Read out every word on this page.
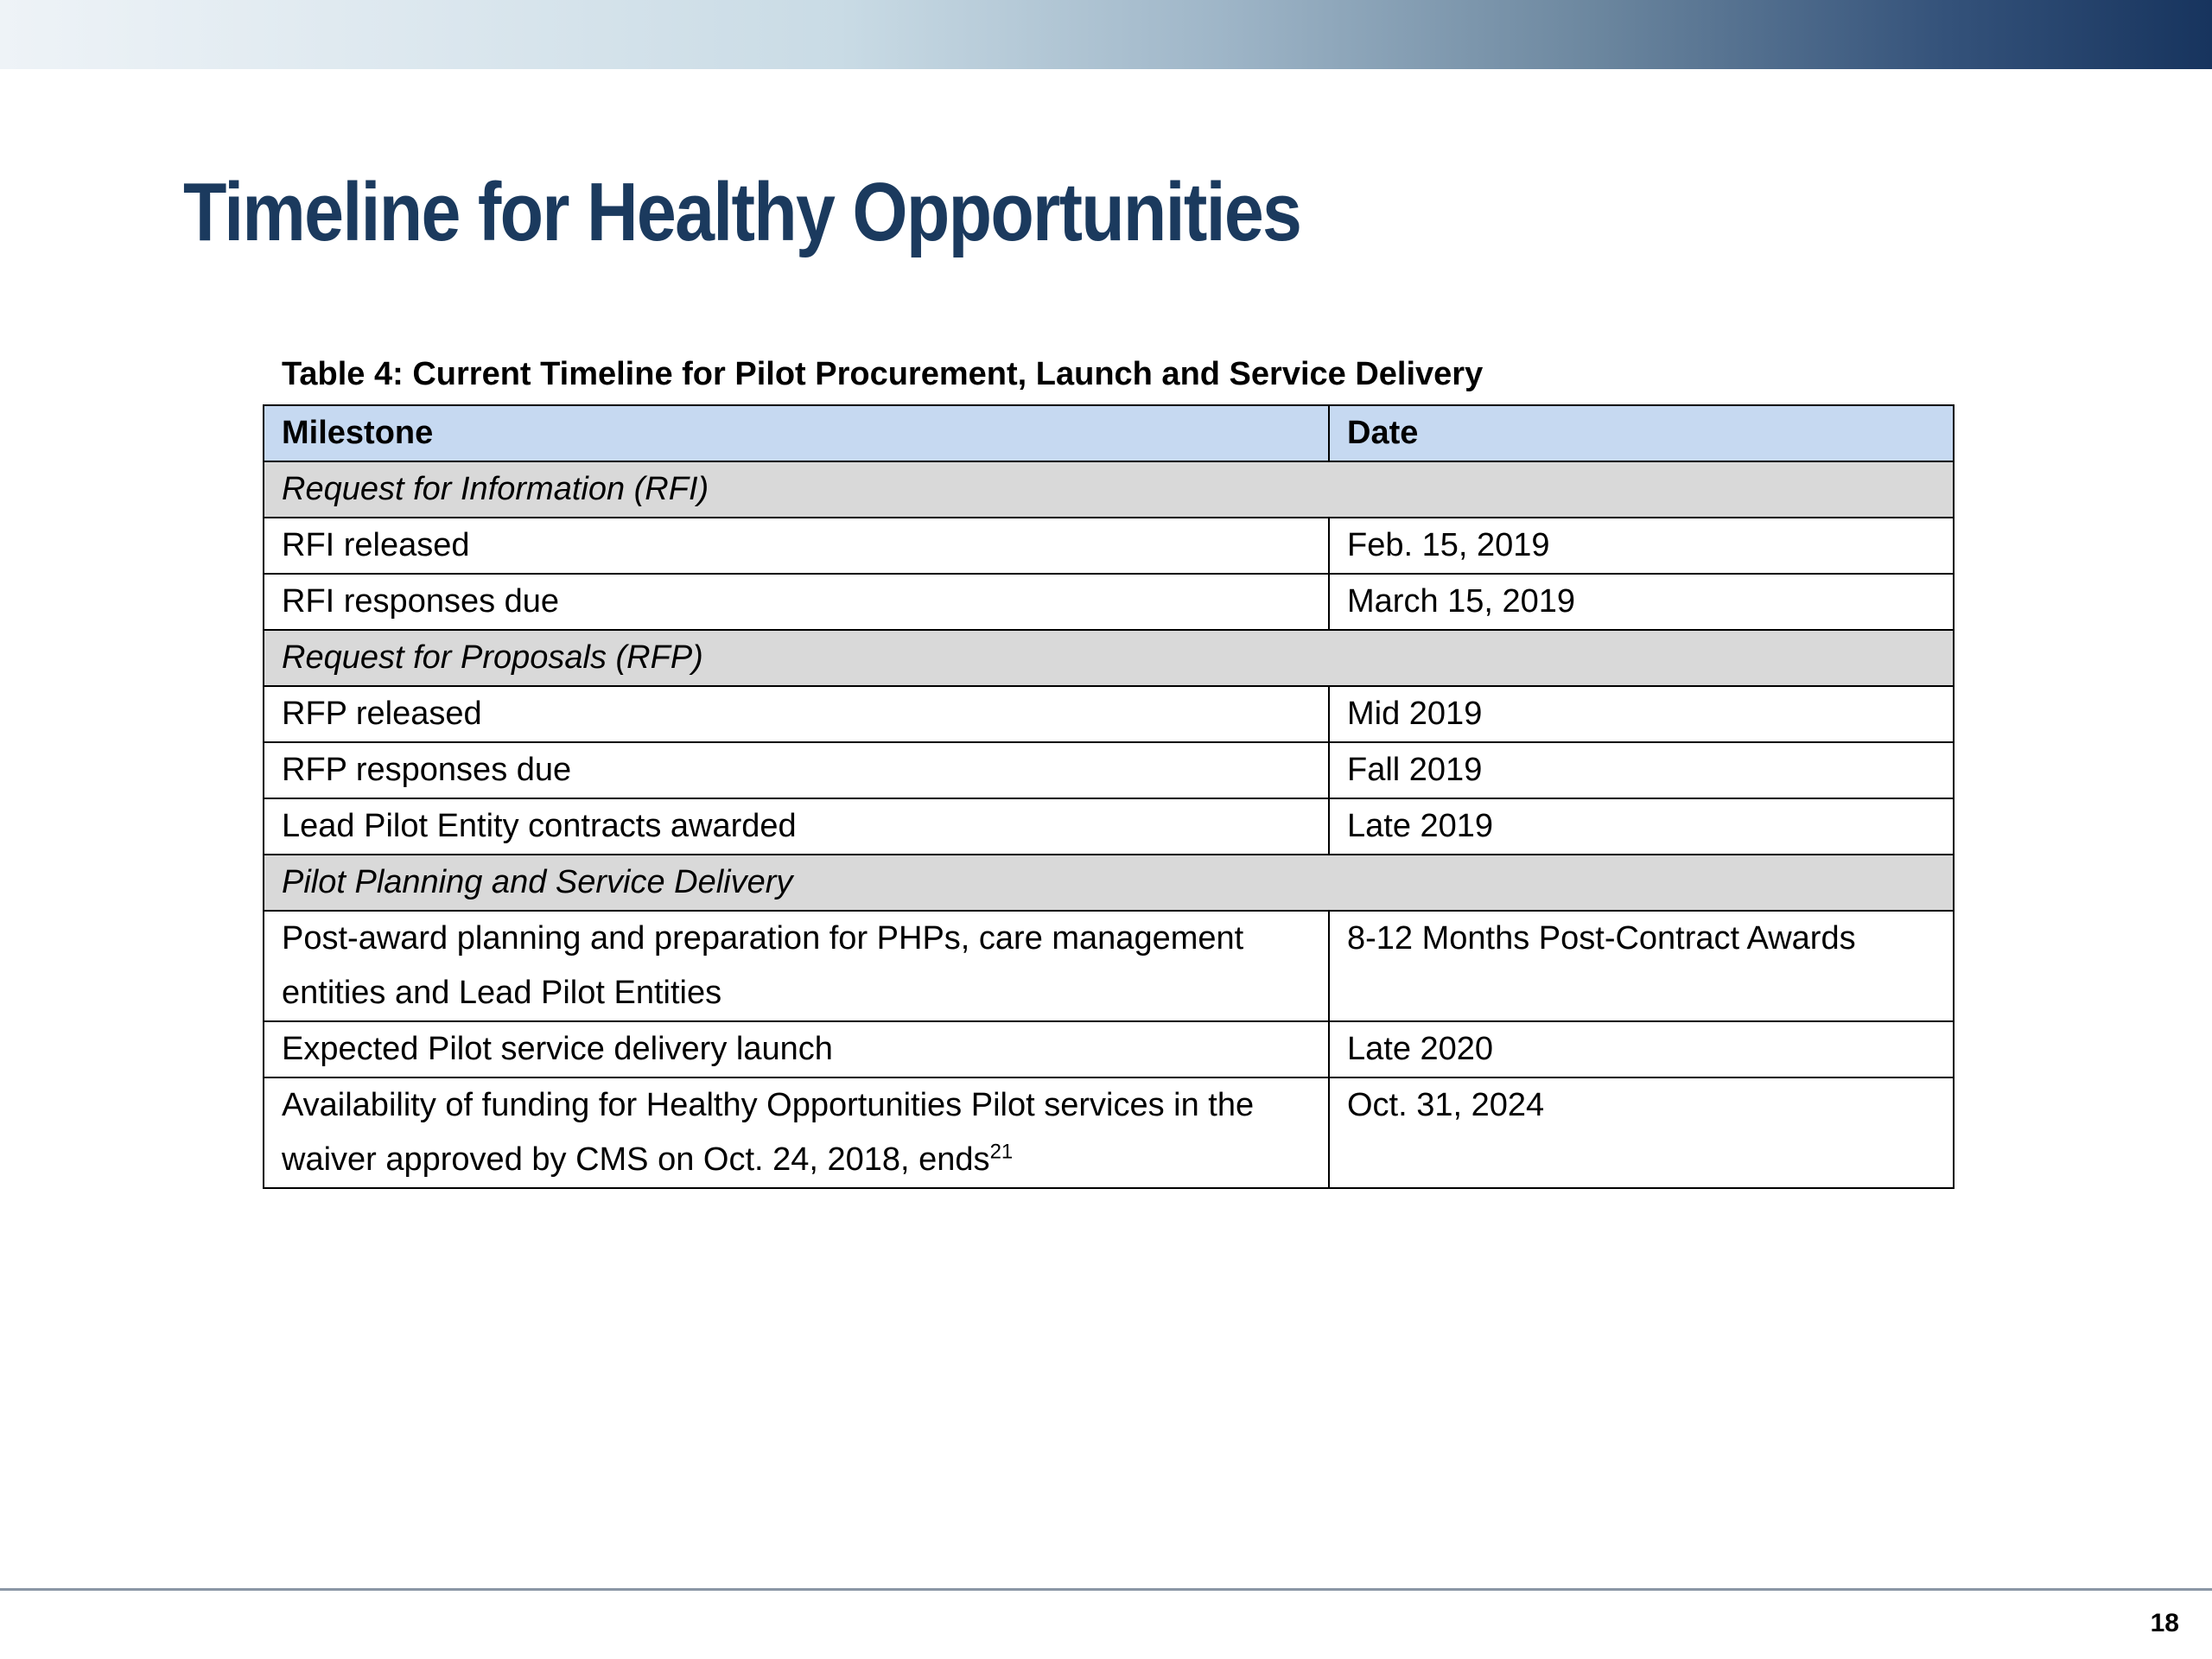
Timeline for Healthy Opportunities
Table 4: Current Timeline for Pilot Procurement, Launch and Service Delivery
Milestone	Date
Request for Information (RFI)	
RFI released	Feb. 15, 2019
RFI responses due	March 15, 2019
Request for Proposals (RFP)	
RFP released	Mid 2019
RFP responses due	Fall 2019
Lead Pilot Entity contracts awarded	Late 2019
Pilot Planning and Service Delivery	
Post-award planning and preparation for PHPs, care management entities and Lead Pilot Entities	8-12 Months Post-Contract Awards
Expected Pilot service delivery launch	Late 2020
Availability of funding for Healthy Opportunities Pilot services in the waiver approved by CMS on Oct. 24, 2018, ends$^{21}$	Oct. 31, 2024
18
